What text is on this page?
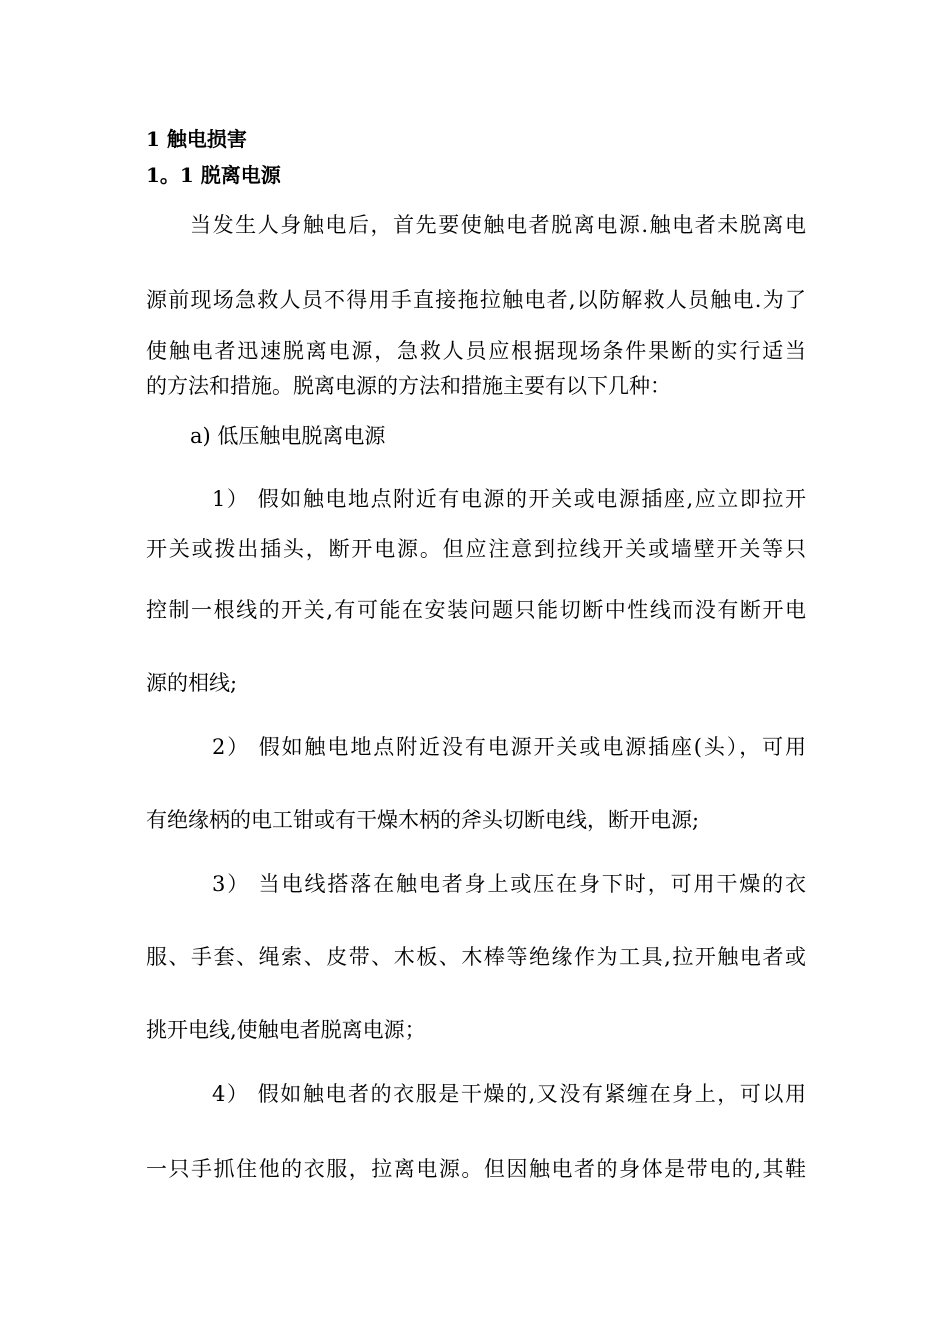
1 触电损害
1。1 脱离电源
当发生人身触电后，首先要使触电者脱离电源.触电者未脱离电
源前现场急救人员不得用手直接拖拉触电者,以防解救人员触电.为了
使触电者迅速脱离电源，急救人员应根据现场条件果断的实行适当
的方法和措施。脱离电源的方法和措施主要有以下几种：
a) 低压触电脱离电源
1） 假如触电地点附近有电源的开关或电源插座,应立即拉开
开关或拨出插头，断开电源。但应注意到拉线开关或墙壁开关等只
控制一根线的开关,有可能在安装问题只能切断中性线而没有断开电
源的相线;
2） 假如触电地点附近没有电源开关或电源插座(头），可用
有绝缘柄的电工钳或有干燥木柄的斧头切断电线，断开电源;
3） 当电线搭落在触电者身上或压在身下时，可用干燥的衣
服、手套、绳索、皮带、木板、木棒等绝缘作为工具,拉开触电者或
挑开电线,使触电者脱离电源；
4） 假如触电者的衣服是干燥的,又没有紧缠在身上，可以用
一只手抓住他的衣服，拉离电源。但因触电者的身体是带电的,其鞋
